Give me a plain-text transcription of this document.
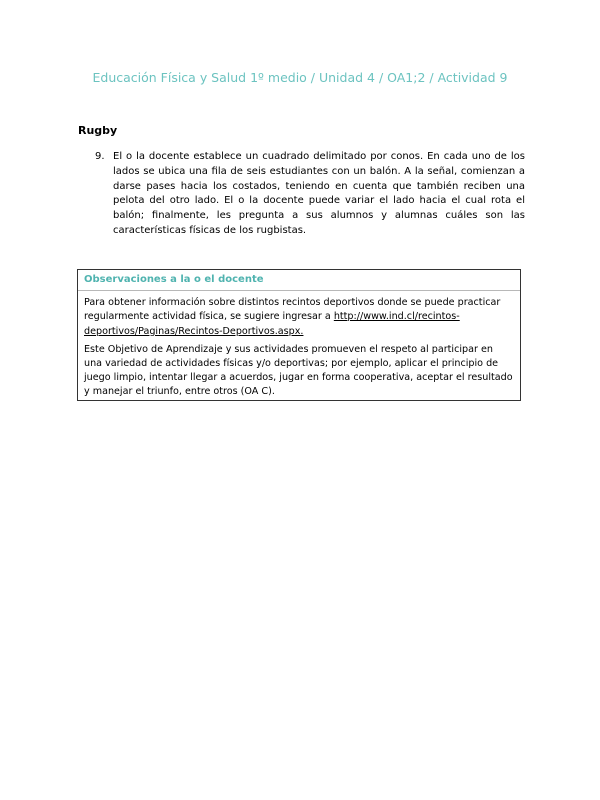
Educación Física y Salud 1º medio / Unidad 4 / OA1;2 / Actividad 9
Rugby
9. El o la docente establece un cuadrado delimitado por conos. En cada uno de los lados se ubica una fila de seis estudiantes con un balón. A la señal, comienzan a darse pases hacia los costados, teniendo en cuenta que también reciben una pelota del otro lado. El o la docente puede variar el lado hacia el cual rota el balón; finalmente, les pregunta a sus alumnos y alumnas cuáles son las características físicas de los rugbistas.
Observaciones a la o el docente

Para obtener información sobre distintos recintos deportivos donde se puede practicar regularmente actividad física, se sugiere ingresar a http://www.ind.cl/recintos-deportivos/Paginas/Recintos-Deportivos.aspx.

Este Objetivo de Aprendizaje y sus actividades promueven el respeto al participar en una variedad de actividades físicas y/o deportivas; por ejemplo, aplicar el principio de juego limpio, intentar llegar a acuerdos, jugar en forma cooperativa, aceptar el resultado y manejar el triunfo, entre otros (OA C).
